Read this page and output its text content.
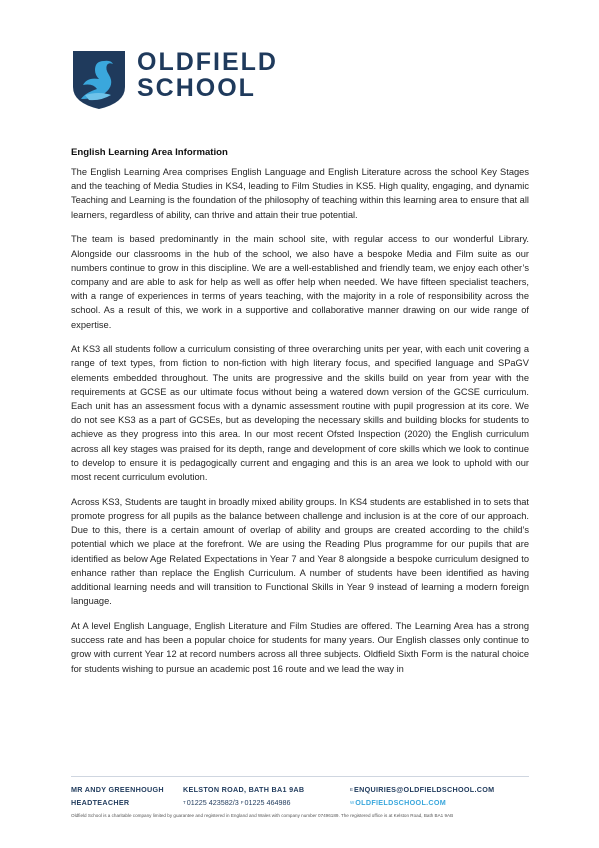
OLDFIELD
SCHOOL
English Learning Area Information

The English Learning Area comprises English Language and English Literature across the school Key Stages and the teaching of Media Studies in KS4, leading to Film Studies in KS5. High quality, engaging, and dynamic Teaching and Learning is the foundation of the philosophy of teaching within this learning area to ensure that all learners, regardless of ability, can thrive and attain their true potential.

The team is based predominantly in the main school site, with regular access to our wonderful Library. Alongside our classrooms in the hub of the school, we also have a bespoke Media and Film suite as our numbers continue to grow in this discipline. We are a well-established and friendly team, we enjoy each other’s company and are able to ask for help as well as offer help when needed. We have fifteen specialist teachers, with a range of experiences in terms of years teaching, with the majority in a role of responsibility across the school. As a result of this, we work in a supportive and collaborative manner drawing on our wide range of expertise.

At KS3 all students follow a curriculum consisting of three overarching units per year, with each unit covering a range of text types, from fiction to non-fiction with high literary focus, and specified language and SPaGV elements embedded throughout. The units are progressive and the skills build on year from year with the requirements at GCSE as our ultimate focus without being a watered down version of the GCSE curriculum. Each unit has an assessment focus with a dynamic assessment routine with pupil progression at its core. We do not see KS3 as a part of GCSEs, but as developing the necessary skills and building blocks for students to achieve as they progress into this area. In our most recent Ofsted Inspection (2020) the English curriculum across all key stages was praised for its depth, range and development of core skills which we look to continue to develop to ensure it is pedagogically current and engaging and this is an area we look to uphold with our most recent curriculum evolution.

Across KS3, Students are taught in broadly mixed ability groups. In KS4 students are established in to sets that promote progress for all pupils as the balance between challenge and inclusion is at the core of our approach. Due to this, there is a certain amount of overlap of ability and groups are created according to the child’s potential which we place at the forefront. We are using the Reading Plus programme for our pupils that are identified as below Age Related Expectations in Year 7 and Year 8 alongside a bespoke curriculum designed to enhance rather than replace the English Curriculum. A number of students have been identified as having additional learning needs and will transition to Functional Skills in Year 9 instead of learning a modern foreign language.

At A level English Language, English Literature and Film Studies are offered. The Learning Area has a strong success rate and has been a popular choice for students for many years. Our English classes only continue to grow with current Year 12 at record numbers across all three subjects. Oldfield Sixth Form is the natural choice for students wishing to pursue an academic post 16 route and we lead the way in

MR ANDY GREENHOUGH
HEADTEACHER
KELSTON ROAD, BATH BA1 9AB
$^T$01225 423582/3 $^F$01225 464986
$^E$ENQUIRIES@OLDFIELDSCHOOL.COM
$^W$OLDFIELDSCHOOL.COM
Oldfield School is a charitable company limited by guarantee and registered in England and Wales with company number 07496189. The registered office is at Kelston Road, Bath BA1 9AB
